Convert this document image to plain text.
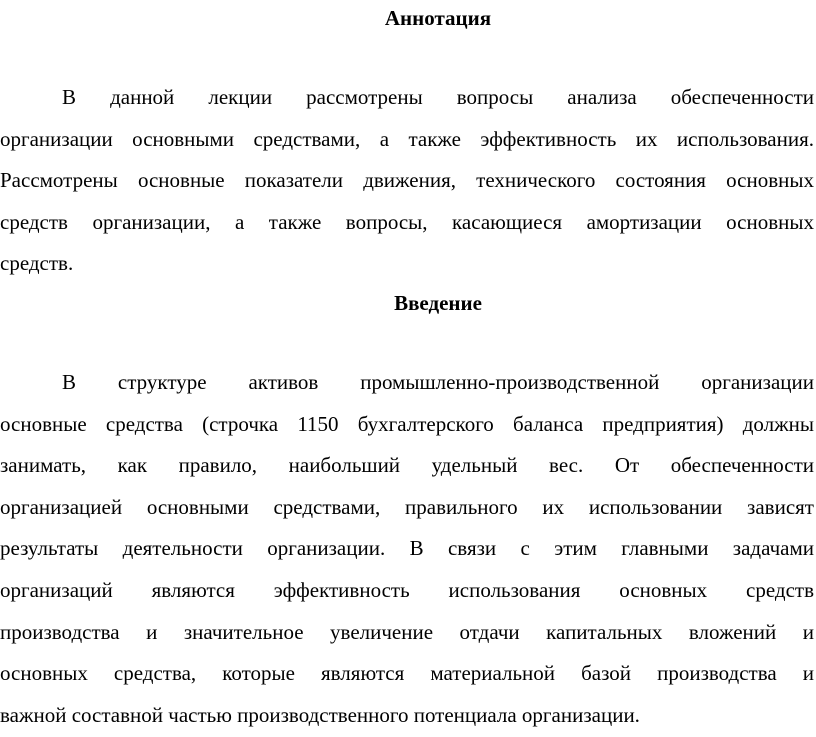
Аннотация
В данной лекции рассмотрены вопросы анализа обеспеченности
организации основными средствами, а также эффективность их использования.
Рассмотрены основные показатели движения, технического состояния основных
средств организации, а также вопросы, касающиеся амортизации основных
средств.
Введение
В структуре активов промышленно-производственной организации
основные средства (строчка 1150 бухгалтерского баланса предприятия) должны
занимать, как правило, наибольший удельный вес. От обеспеченности
организацией основными средствами, правильного их использовании зависят
результаты деятельности организации. В связи с этим главными задачами
организаций являются эффективность использования основных средств
производства и значительное увеличение отдачи капитальных вложений и
основных средства, которые являются материальной базой производства и
важной составной частью производственного потенциала организации.
